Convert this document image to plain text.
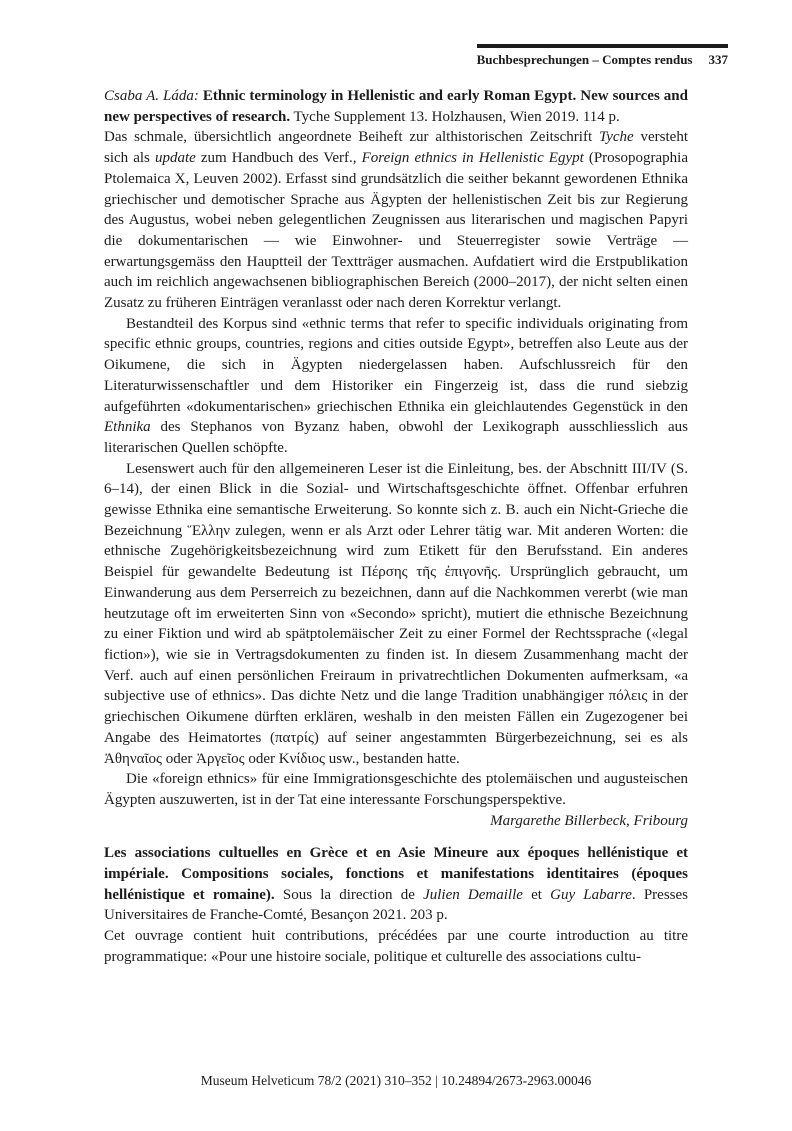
Buchbesprechungen – Comptes rendus 337

Csaba A. Láda: Ethnic terminology in Hellenistic and early Roman Egypt. New sources and new perspectives of research. Tyche Supplement 13. Holzhausen, Wien 2019. 114 p.

Das schmale, übersichtlich angeordnete Beiheft zur althistorischen Zeitschrift Tyche versteht sich als update zum Handbuch des Verf., Foreign ethnics in Hellenistic Egypt (Prosopographia Ptolemaica X, Leuven 2002). Erfasst sind grundsätzlich die seither bekannt gewordenen Ethnika griechischer und demotischer Sprache aus Ägypten der hellenistischen Zeit bis zur Regierung des Augustus, wobei neben gelegentlichen Zeugnissen aus literarischen und magischen Papyri die dokumentarischen — wie Einwohner- und Steuerregister sowie Verträge — erwartungsgemäss den Hauptteil der Textträger ausmachen. Aufdatiert wird die Erstpublikation auch im reichlich angewachsenen bibliographischen Bereich (2000–2017), der nicht selten einen Zusatz zu früheren Einträgen veranlasst oder nach deren Korrektur verlangt.

Bestandteil des Korpus sind «ethnic terms that refer to specific individuals originating from specific ethnic groups, countries, regions and cities outside Egypt», betreffen also Leute aus der Oikumene, die sich in Ägypten niedergelassen haben. Aufschlussreich für den Literaturwissenschaftler und dem Historiker ein Fingerzeig ist, dass die rund siebzig aufgeführten «dokumentarischen» griechischen Ethnika ein gleichlautendes Gegenstück in den Ethnika des Stephanos von Byzanz haben, obwohl der Lexikograph ausschliesslich aus literarischen Quellen schöpfte.

Lesenswert auch für den allgemeineren Leser ist die Einleitung, bes. der Abschnitt III/IV (S. 6–14), der einen Blick in die Sozial- und Wirtschaftsgeschichte öffnet. Offenbar erfuhren gewisse Ethnika eine semantische Erweiterung. So konnte sich z. B. auch ein Nicht-Grieche die Bezeichnung Ἕλλην zulegen, wenn er als Arzt oder Lehrer tätig war. Mit anderen Worten: die ethnische Zugehörigkeitsbezeichnung wird zum Etikett für den Berufsstand. Ein anderes Beispiel für gewandelte Bedeutung ist Πέρσης τῆς ἐπιγονῆς. Ursprünglich gebraucht, um Einwanderung aus dem Perserreich zu bezeichnen, dann auf die Nachkommen vererbt (wie man heutzutage oft im erweiterten Sinn von «Secondo» spricht), mutiert die ethnische Bezeichnung zu einer Fiktion und wird ab spätptolemäischer Zeit zu einer Formel der Rechtssprache («legal fiction»), wie sie in Vertragsdokumenten zu finden ist. In diesem Zusammenhang macht der Verf. auch auf einen persönlichen Freiraum in privatrechtlichen Dokumenten aufmerksam, «a subjective use of ethnics». Das dichte Netz und die lange Tradition unabhängiger πόλεις in der griechischen Oikumene dürften erklären, weshalb in den meisten Fällen ein Zugezogener bei Angabe des Heimatortes (πατρίς) auf seiner angestammten Bürgerbezeichnung, sei es als Ἀθηναῖος oder Ἀργεῖος oder Κνίδιος usw., bestanden hatte.

Die «foreign ethnics» für eine Immigrationsgeschichte des ptolemäischen und augusteischen Ägypten auszuwerten, ist in der Tat eine interessante Forschungsperspektive.

Margarethe Billerbeck, Fribourg

Les associations cultuelles en Grèce et en Asie Mineure aux époques hellénistique et impériale. Compositions sociales, fonctions et manifestations identitaires (époques hellénistique et romaine). Sous la direction de Julien Demaille et Guy Labarre. Presses Universitaires de Franche-Comté, Besançon 2021. 203 p.

Cet ouvrage contient huit contributions, précédées par une courte introduction au titre programmatique: «Pour une histoire sociale, politique et culturelle des associations cultu-

Museum Helveticum 78/2 (2021) 310–352 | 10.24894/2673-2963.00046
